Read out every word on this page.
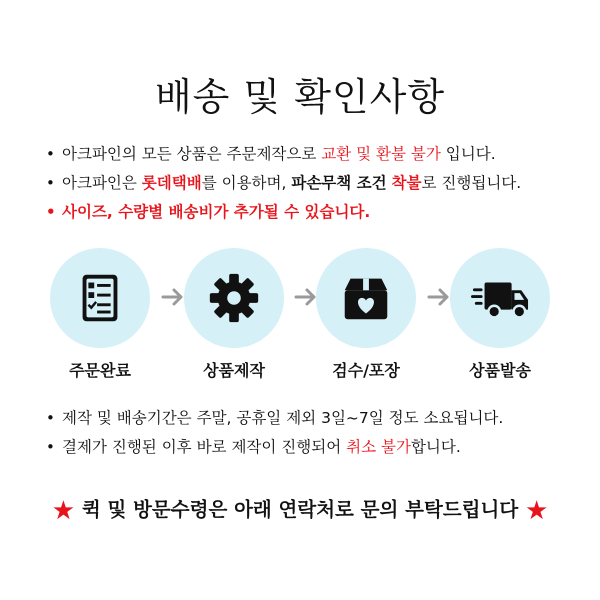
배송 및 확인사항
• 아크파인의 모든 상품은 주문제작으로 교환 및 환불 불가 입니다.
• 아크파인은 롯데택배를 이용하며, 파손무책 조건 착불로 진행됩니다.
• 사이즈, 수량별 배송비가 추가될 수 있습니다.
주문완료	상품제작	검수/포장	상품발송
• 제작 및 배송기간은 주말, 공휴일 제외 3일~7일 정도 소요됩니다.
• 결제가 진행된 이후 바로 제작이 진행되어 취소 불가합니다.
★ 퀵 및 방문수령은 아래 연락처로 문의 부탁드립니다 ★
